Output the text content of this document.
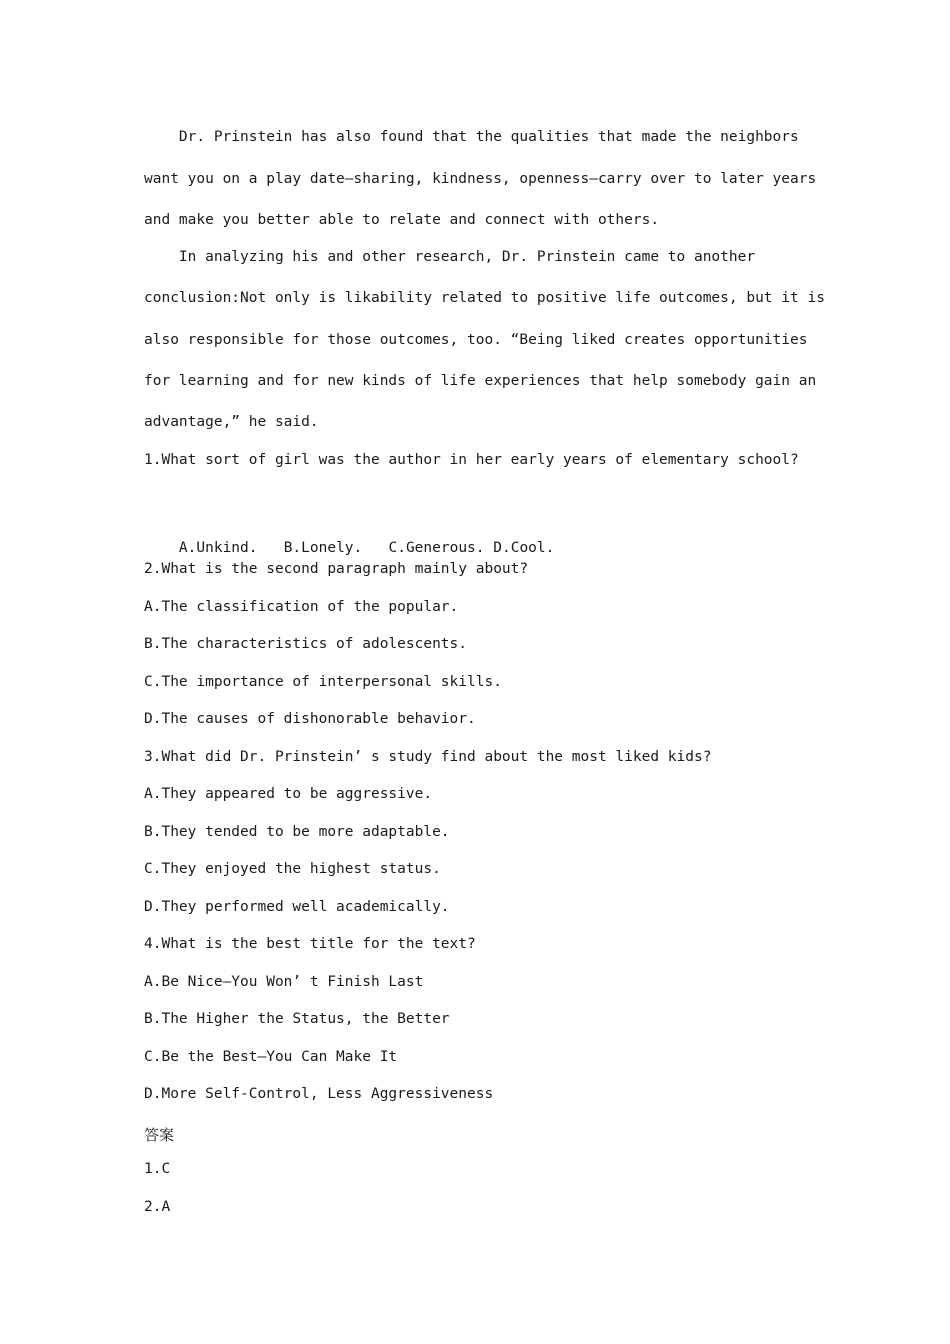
Dr. Prinstein has also found that the qualities that made the neighbors
want you on a play date—sharing, kindness, openness—carry over to later years
and make you better able to relate and connect with others.
In analyzing his and other research, Dr. Prinstein came to another
conclusion:Not only is likability related to positive life outcomes, but it is
also responsible for those outcomes, too. “Being liked creates opportunities
for learning and for new kinds of life experiences that help somebody gain an
advantage,” he said.
1.What sort of girl was the author in her early years of elementary school?

A.Unkind. B.Lonely. C.Generous. D.Cool.

2.What is the second paragraph mainly about?
A.The classification of the popular.
B.The characteristics of adolescents.
C.The importance of interpersonal skills.
D.The causes of dishonorable behavior.
3.What did Dr. Prinstein’ s study find about the most liked kids?
A.They appeared to be aggressive.
B.They tended to be more adaptable.
C.They enjoyed the highest status.
D.They performed well academically.
4.What is the best title for the text?
A.Be Nice—You Won’ t Finish Last
B.The Higher the Status, the Better
C.Be the Best—You Can Make It
D.More Self-Control, Less Aggressiveness
答案
1.C
2.A
